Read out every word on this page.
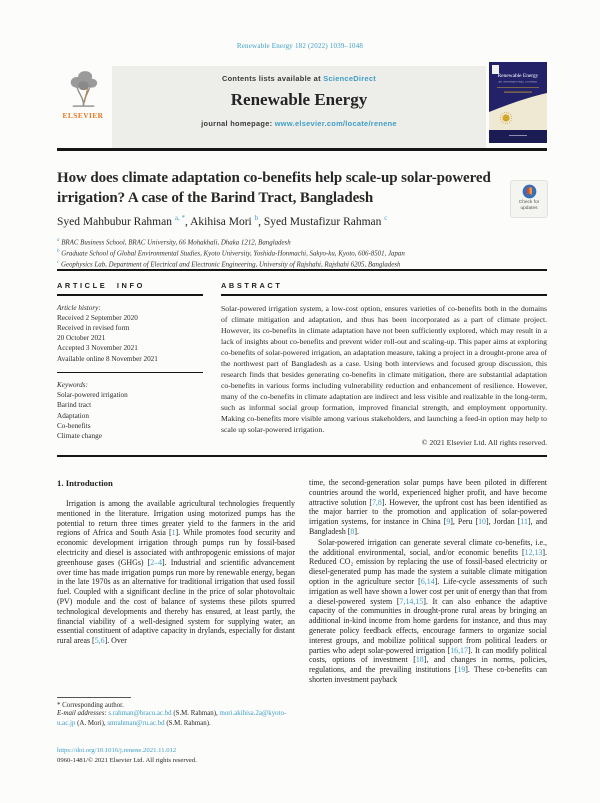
Renewable Energy 182 (2022) 1039–1048
ELSEVIER
Contents lists available at ScienceDirect
Renewable Energy
journal homepage: www.elsevier.com/locate/renene
Renewable Energy
AN INTERNATIONAL JOURNAL
How does climate adaptation co-benefits help scale-up solar-powered irrigation? A case of the Barind Tract, Bangladesh	Check for updates
Syed Mahbubur Rahman $^{a, *}$, Akihisa Mori $^b$, Syed Mustafizur Rahman $^c$
$^a$ BRAC Business School, BRAC University, 66 Mohakhali, Dhaka 1212, Bangladesh
$^b$ Graduate School of Global Environmental Studies, Kyoto University, Yoshida-Honmachi, Sakyo-ku, Kyoto, 606-8501, Japan
$^c$ Geophysics Lab, Department of Electrical and Electronic Engineering, University of Rajshahi, Rajshahi 6205, Bangladesh
ARTICLE INFO
Article history:
Received 2 September 2020
Received in revised form
20 October 2021
Accepted 3 November 2021
Available online 8 November 2021
Keywords:
Solar-powered irrigation
Barind tract
Adaptation
Co-benefits
Climate change
ABSTRACT

Solar-powered irrigation system, a low-cost option, ensures varieties of co-benefits both in the domains of climate mitigation and adaptation, and thus has been incorporated as a part of climate project. However, its co-benefits in climate adaptation have not been sufficiently explored, which may result in a lack of insights about co-benefits and prevent wider roll-out and scaling-up. This paper aims at exploring co-benefits of solar-powered irrigation, an adaptation measure, taking a project in a drought-prone area of the northwest part of Bangladesh as a case. Using both interviews and focused group discussion, this research finds that besides generating co-benefits in climate mitigation, there are substantial adaptation co-benefits in various forms including vulnerability reduction and enhancement of resilience. However, many of the co-benefits in climate adaptation are indirect and less visible and realizable in the long-term, such as informal social group formation, improved financial strength, and employment opportunity. Making co-benefits more visible among various stakeholders, and launching a feed-in option may help to scale up solar-powered irrigation.

© 2021 Elsevier Ltd. All rights reserved.
1. Introduction

Irrigation is among the available agricultural technologies frequently mentioned in the literature. Irrigation using motorized pumps has the potential to return three times greater yield to the farmers in the arid regions of Africa and South Asia [1]. While promotes food security and economic development irrigation through pumps run by fossil-based electricity and diesel is associated with anthropogenic emissions of major greenhouse gases (GHGs) [2–4]. Industrial and scientific advancement over time has made irrigation pumps run more by renewable energy, began in the late 1970s as an alternative for traditional irrigation that used fossil fuel. Coupled with a significant decline in the price of solar photovoltaic (PV) module and the cost of balance of systems these pilots spurred technological developments and thereby has ensured, at least partly, the financial viability of a well-designed system for supplying water, an essential constituent of adaptive capacity in drylands, especially for distant rural areas [5,6]. Over

time, the second-generation solar pumps have been piloted in different countries around the world, experienced higher profit, and have become attractive solution [7,8]. However, the upfront cost has been identified as the major barrier to the promotion and application of solar-powered irrigation systems, for instance in China [9], Peru [10], Jordan [11], and Bangladesh [8].

Solar-powered irrigation can generate several climate co-benefits, i.e., the additional environmental, social, and/or economic benefits [12,13]. Reduced CO₂ emission by replacing the use of fossil-based electricity or diesel-generated pump has made the system a suitable climate mitigation option in the agriculture sector [6,14]. Life-cycle assessments of such irrigation as well have shown a lower cost per unit of energy than that from a diesel-powered system [7,14,15]. It can also enhance the adaptive capacity of the communities in drought-prone rural areas by bringing an additional in-kind income from home gardens for instance, and thus may generate policy feedback effects, encourage farmers to organize social interest groups, and mobilize political support from political leaders or parties who adept solar-powered irrigation [16,17]. It can modify political costs, options of investment [18], and changes in norms, policies, regulations, and the prevailing institutions [19]. These co-benefits can shorten investment payback

* Corresponding author.
E-mail addresses: s.rahman@bracu.ac.bd (S.M. Rahman), mori.akihisa.2a@kyoto-u.ac.jp (A. Mori), smrahman@ru.ac.bd (S.M. Rahman).
https://doi.org/10.1016/j.renene.2021.11.012
0960-1481/© 2021 Elsevier Ltd. All rights reserved.
